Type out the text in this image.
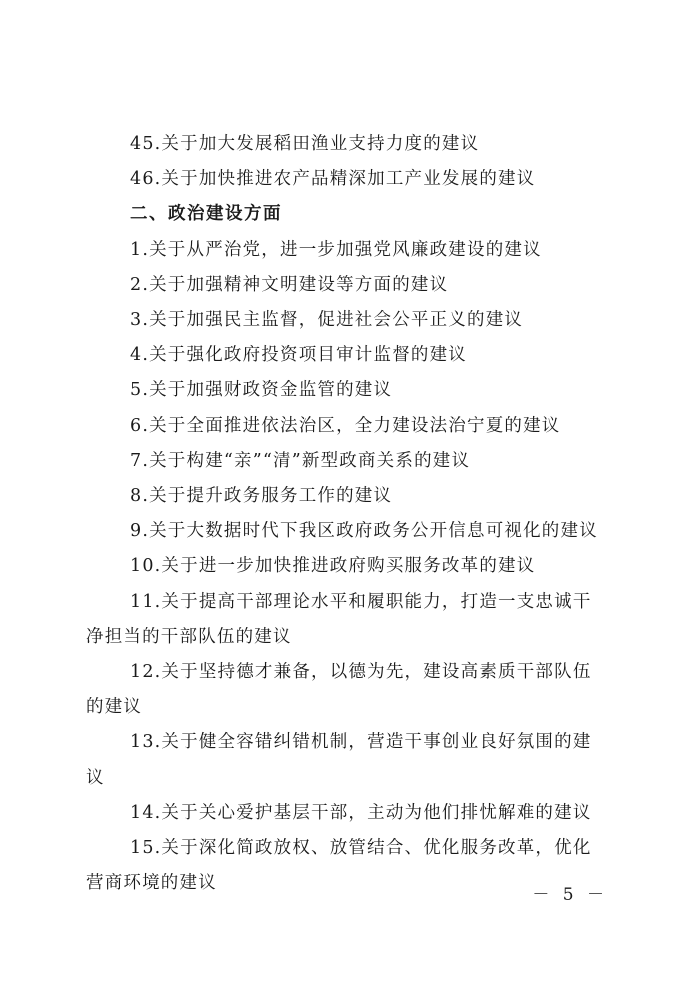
45.关于加大发展稻田渔业支持力度的建议

46.关于加快推进农产品精深加工产业发展的建议

二、政治建设方面

1.关于从严治党，进一步加强党风廉政建设的建议

2.关于加强精神文明建设等方面的建议

3.关于加强民主监督，促进社会公平正义的建议

4.关于强化政府投资项目审计监督的建议

5.关于加强财政资金监管的建议

6.关于全面推进依法治区，全力建设法治宁夏的建议

7.关于构建“亲”“清”新型政商关系的建议

8.关于提升政务服务工作的建议

9.关于大数据时代下我区政府政务公开信息可视化的建议

10.关于进一步加快推进政府购买服务改革的建议

11.关于提高干部理论水平和履职能力，打造一支忠诚干净担当的干部队伍的建议

12.关于坚持德才兼备，以德为先，建设高素质干部队伍的建议

13.关于健全容错纠错机制，营造干事创业良好氛围的建议

14.关于关心爱护基层干部，主动为他们排忧解难的建议

15.关于深化简政放权、放管结合、优化服务改革，优化营商环境的建议

－ 5 －
